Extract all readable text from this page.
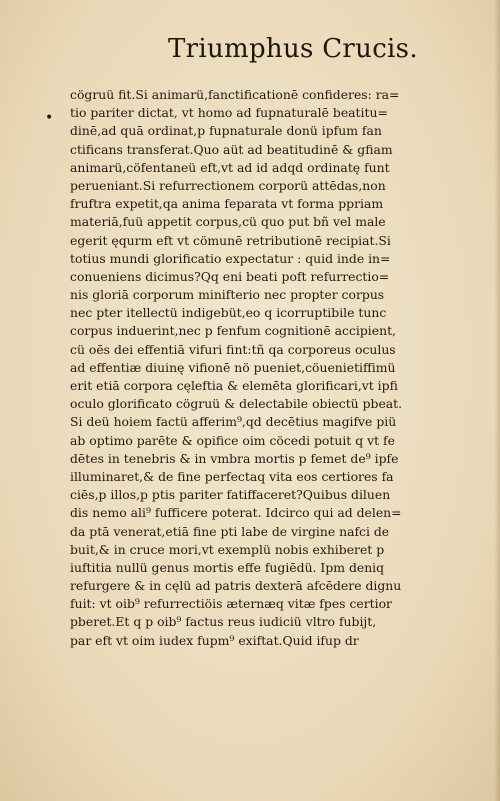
Triumphus Crucis.
•
cögruü fit.Si animarü,fanctificationē confideres: ra=
tio pariter dictat, vt homo ad fupnaturalē beatitu=
dinē,ad quā ordinat,p fupnaturale donü ipfum fan
ctificans transferat.Quo aüt ad beatitudinē & gfiam
animarü,cöfentaneü eft,vt ad id adqd ordinatę funt
perueniant.Si refurrectionem corporü attēdas,non
fruftra expetit,qa anima feparata vt forma ppriam
materiā,fuü appetit corpus,cü quo put bñ vel male
egerit ęqurm eft vt cömunē retributionē recipiat.Si
totius mundi glorificatio expectatur : quid inde in=
conueniens dicimus?Qq eni beati poft refurrectio=
nis gloriā corporum minifterio nec propter corpus
nec pter itellectü indigebüt,eo q icorruptibile tunc
corpus induerint,nec p fenfum cognitionē accipient,
cü oēs dei effentiā vifuri fint:tñ qa corporeus oculus
ad effentiæ diuinę vifionē nö pueniet,cöuenietiffimü
erit etiā corpora cęleftia & elemēta glorificari,vt ipfi
oculo glorificato cögruü & delectabile obiectü pbeat.
Si deü hoiem factü afferim⁹,qd decētius magifve piü
ab optimo parēte & opifice oim cöcedi potuit q vt fe
dētes in tenebris & in vmbra mortis p femet de⁹ ipfe
illuminaret,& de fine perfectaq vita eos certiores fa
ciēs,p illos,p ptis pariter fatiffaceret?Quibus diluen
dis nemo ali⁹ fufficere poterat. Idcirco qui ad delen=
da ptā venerat,etiā fine pti labe de virgine nafci de
buit,& in cruce mori,vt exemplü nobis exhiberet p
iuftitia nullü genus mortis effe fugiēdü. Ipm deniq
refurgere & in cęlü ad patris dexterā afcēdere dignu
fuit: vt oib⁹ refurrectiöis æternæq vitæ fpes certior
pberet.Et q p oib⁹ factus reus iudiciü vltro fubijt,
par eft vt oim iudex fupm⁹ exiftat.Quid ifup dr
